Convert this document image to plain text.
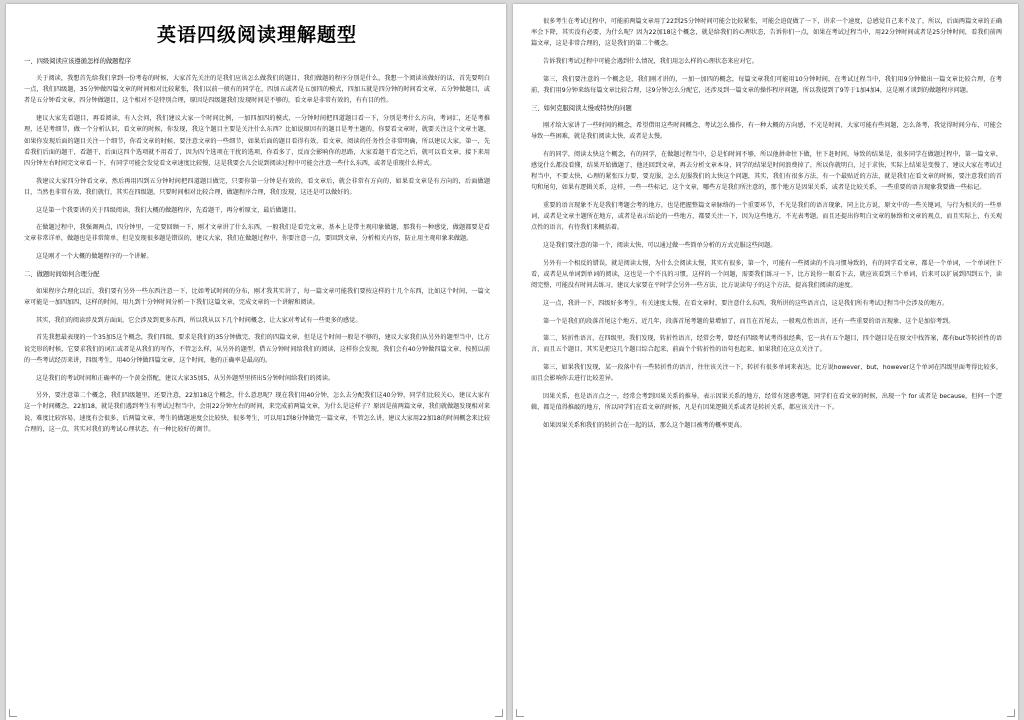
英语四级阅读理解题型

一、四级阅读应该遵循怎样的做题程序

关于阅读，我想首先给我们拿到一份考卷的时候，大家首先关注的是我们应该怎么做我们的题目，我们做题的程序分别是什么，我想一个阅读该做好的话，首先要明白一点，我们四级题，35分钟做四篇文章的时间相对比较紧张，我们以前一般有的同学在，四加五或者是五加四的模式，四加五就是四分钟的时间看文章，五分钟做题目，或者是五分钟看文章，四分钟做题目，这个相对不是特别合理，原因是四级题我们发现时间是不够的，看文章是非常有效的，有有目的性。

建议大家先看题目，再看阅读，有人会问，我们建议大家一个时间比例，一加四加四的模式，一分钟时间把四道题目看一下，分别是考什么方向，考词汇，还是考推理，还是考细节，做一个分析认识，看文章的时候，你发现，我这个题目主要是关注什么东西？比如说原因有的题目是考主题的，你要看文章时，就要关注这个文章主题，如果你发现后面的题目关注一个细节，你看文章的时候，要注意文章的一些细节，如果后面的题目看得有效，看文章，阅读的任务性会非常明确，所以建议大家，第一，先看我们后面的题干，看题干，后面这四个选项就不用看了，因为四个选项在干扰的选项，你看多了，反而会影响你的思路，大家看题干看完之后，就可以看文章，接下来用四分钟左右时间完文章看一下，有同学可能会发觉看文章速度比较慢，这是我要会儿会说到阅读过程中可能会注意一些什么东西，或者是重现什么样式。

我建议大家四分钟看文章，然后再用四到五分钟时间把四道题目做完，只要你第一分钟是有效的，看文章后，就会非常有方向的，如果看文章是有方向的，后面做题目，当然也非常有效，我们就行，其实在四级题，只要时间相对比较合理，做题程序合理，我们发现，这还是可以做好的。

这是第一个我要讲的关于四级阅读，我们大概的做题程序，先看题干，再分析原文，最后做题目。

在做题过程中，我强调两点，四分钟里，一定要回顾一下，刚才文章讲了什么东西，一般我们是看完文章，基本上是带主观印象做题，那我有一种感觉，做题都要是看文章非常详单，做题也是非常简单，但是发现很多题是错误的，建议大家，我们在做题过程中，你要注意一点，要回到文章，分析相关内容，防止用主观印象来做题。

这是刚才一个大概的做题程序的一个讲解。

二、做题时间如何合理分配

如果程序合理化以后，我们要有另外一些东西注意一下，比如考试时间的分布，刚才我其实讲了，每一篇文章可能我们要按这样的十几个东西，比如这个时间，一篇文章可能是一加四加四，这样的时间，用九到十分钟时间分析一下我们这篇文章，完成文章的一个讲解和阅读。

其实，我们的阅读涉及到方面面，它会涉及到更多东西，所以我从以下几个时间概念，让大家对考试有一些更多的感觉。

首先我想最表现的一个35加5这个概念，我们四级，要求是我们的35分钟做完，我们的四篇文章，但是这个时间一般是不够的，建议大家我们从另外的题型当中，比方说完形的时候，它要求我们的词汇或者是从我们的写作，不管怎么样，从另外的题型，借五分钟时间给我们的阅读，这样你会发现，我们会有40分钟做四篇文章，按照以前的一些考试经历来讲，四级考生，用40分钟做四篇文章，这个时间，他的正确率是最高的。

这是我们的考试时间和正确率的一个黄金搭配，建议大家35加5，从另外题型里挤出5分钟时间给我们的阅读。

另外，要注意第二个概念，我们四级题里，还要注意，22加18这个概念，什么意思呢？现在我们用40分钟，怎么去分配我们这40分钟，同学们比较关心，建议大家有这一个时间概念，22加18，就是我们遇到考生有考试过程当中，会用22分钟左右的时间，来完成前两篇文章，为什么是这样子？原因是前两篇文章，我们就做题发现相对来说，难度比较容易，速度有会很多，后两篇文章，考生的做题速度会比较快，很多考生，可以用1到8分钟做完一篇文章，不管怎么讲，建议大家用22加18的时间概念来比较合理的，这一点，其实对我们的考试心理状态，有一种比较好的调节。

很多考生在考试过程中，可能前两篇文章用了22到25分钟时间可能会比较紧张，可能会迫促做了一下，讲求一个速度，总感觉自己来不及了，所以，后面两篇文章的正确率会下降，其实没有必要，为什么呢？因为22加18这个概念，就是给我们的心理状态，告诉你们一点，如果在考试过程当中，用22分钟时间或者是25分钟时间，看我们前两篇文章，这是非常合理的，这是我们的第二个概念。

告诉我们考试过程中可能会遇到什么情况，我们用怎么样的心理状态来应对它。

第三，我们要注意的一个概念是，我们刚才讲的，一加一加四的概念，每篇文章我们可能用10分钟时间，在考试过程当中，我们用9分钟做出一篇文章比较合理，在考前，我们用9分钟来练每篇文章比较合理，这9分钟怎么分配它，还涉及到一篇文章的操作程序问题，所以我提到了9等于1加4加4，这是刚才谈到的做题程序问题。

三、如何克服阅读太慢或特快的问题

刚才给大家讲了一些时间的概念，希望借用这些时间概念，考试怎么操作，有一种大概的方向感，不光是时间，大家可能有些问题，怎么备考，我觉得时间分布，可能会导致一些困难，就是我们阅读太快，或者是太慢。

有的同学，阅读太快这个概念，有的同学，在做题过程当中，总是怕时间不够，所以他拼命往下做，往下赶时间，导致的结果是，很多同学在做题过程中，第一篇文章，感觉什么都没看懂，结果开始做题了，他还回到文章，再去分析文章本身，同学的结果是时间浪费掉了，所以你就明白，过于求快，实际上结果是变慢了，建议大家在考试过程当中，不要太快，心理的紧张压力要，要克服，怎么克服我们的太快这个问题，其实，我们有很多方法，有一个最贴近的方法，就是我们在看文章的时候，要注意我们的首句和尾句，如果有逻辑关系，这样，一些一些标记，这个文章，哪些方是我们所注意的，那个地方是因果关系，或者是比较关系，一些重要的语言现象我要做一些标记。

重要的语言现象不光是我们考题会考的地方，也是把握整篇文章脉络的一个重要环节，不光是我们的语言现象，同上比方说，原文中的一些关键词，与行为相关的一些单词，或者是文章主题所在地方，或者是表示结论的一些地方，都要关注一下，因为这些地方，不光表考题，而且还提出你明白文章的脉络和文章的观点，而且实际上，有关观点性的语言，有待我们来概括着。

这是我们要注意的第一个，阅读太快，可以通过做一些简单分析的方式克服这些问题。

另外有一个相反的错误，就是阅读太慢，为什么会阅读太慢，其实有很多，第一个，可能有一些阅读的不良习惯导致的，有的同学看文章，都是一个单词，一个单词往下看，或者是从单词到单词的阅读，这也是一个不良的习惯，这样的一个问题，需要我们练习一下，比方说你一眼看下去，就应该看到三个单词，后来可以扩展到四到五个，读阅完整，可能没有时间去练习，建议大家要在平时学会另外一些方法，比方说读句子的这个方法，提高我们阅读的速度。

这一点，我讲一下，四级好多考生，有关速度太慢，在看文章时，要注意什么东西，我所讲的这些语言点，这是我们所有考试过程当中会涉及的地方。

第一个是我们的段落首尾这个地方，近几年，段落首尾考题的量增加了，而且在首尾去，一般观点性语言，还有一些重要的语言现象，这个是加倍考到。

第二，转折性语言，在四级里，我们发现，转折性语言，经常会考，曾经有四级考试考得很经典，它一共有五个题目，四个题目是在原文中找答案，都有but等转折性的语言，而且五个题目，其实是把这几个题目综合起来，前面个个转折性的语句也起来，如果我们在这点关注了。

第三，如果我们发现，某一段落中有一些转折性的语言，往往该关注一下，转折有很多单词来表达，比方说however，but，however这个单词在四级里面考得比较多，而且会影响你去进行比较差异。

因果关系，也是语言点之一，经常会考到因果关系的推导，表示因果关系的地方，经常有迷惑考题，同学们在看文章的时候，出现一个 for 或者是 because，但何一个逻辑，都是值得推敲的地方，所以同学们在看文章的时候，凡是有因果逻辑关系或者是转折关系，都应该关注一下。

如果因果关系和我们的转折合在一起的话，那么这个题目被考的概率更高。
